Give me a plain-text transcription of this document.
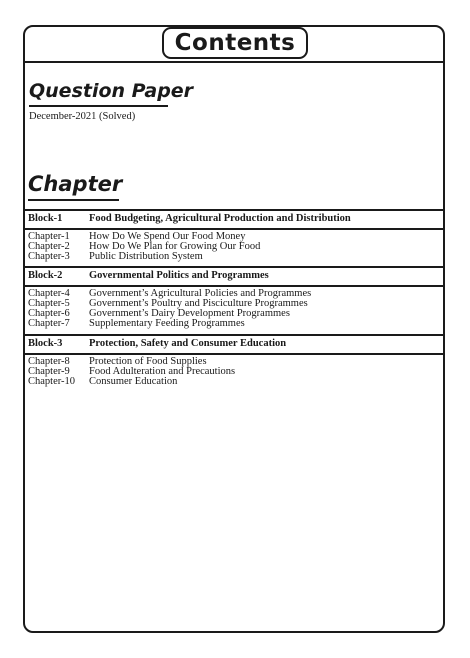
Contents
Question Paper
December-2021 (Solved)
Chapter
Block-1	Food Budgeting, Agricultural Production and Distribution
Chapter-1 How Do We Spend Our Food Money
Chapter-2 How Do We Plan for Growing Our Food
Chapter-3 Public Distribution System
Block-2	Governmental Politics and Programmes
Chapter-4 Government’s Agricultural Policies and Programmes
Chapter-5 Government’s Poultry and Pisciculture Programmes
Chapter-6 Government’s Dairy Development Programmes
Chapter-7 Supplementary Feeding Programmes
Block-3	Protection, Safety and Consumer Education
Chapter-8 Protection of Food Supplies
Chapter-9 Food Adulteration and Precautions
Chapter-10 Consumer Education
